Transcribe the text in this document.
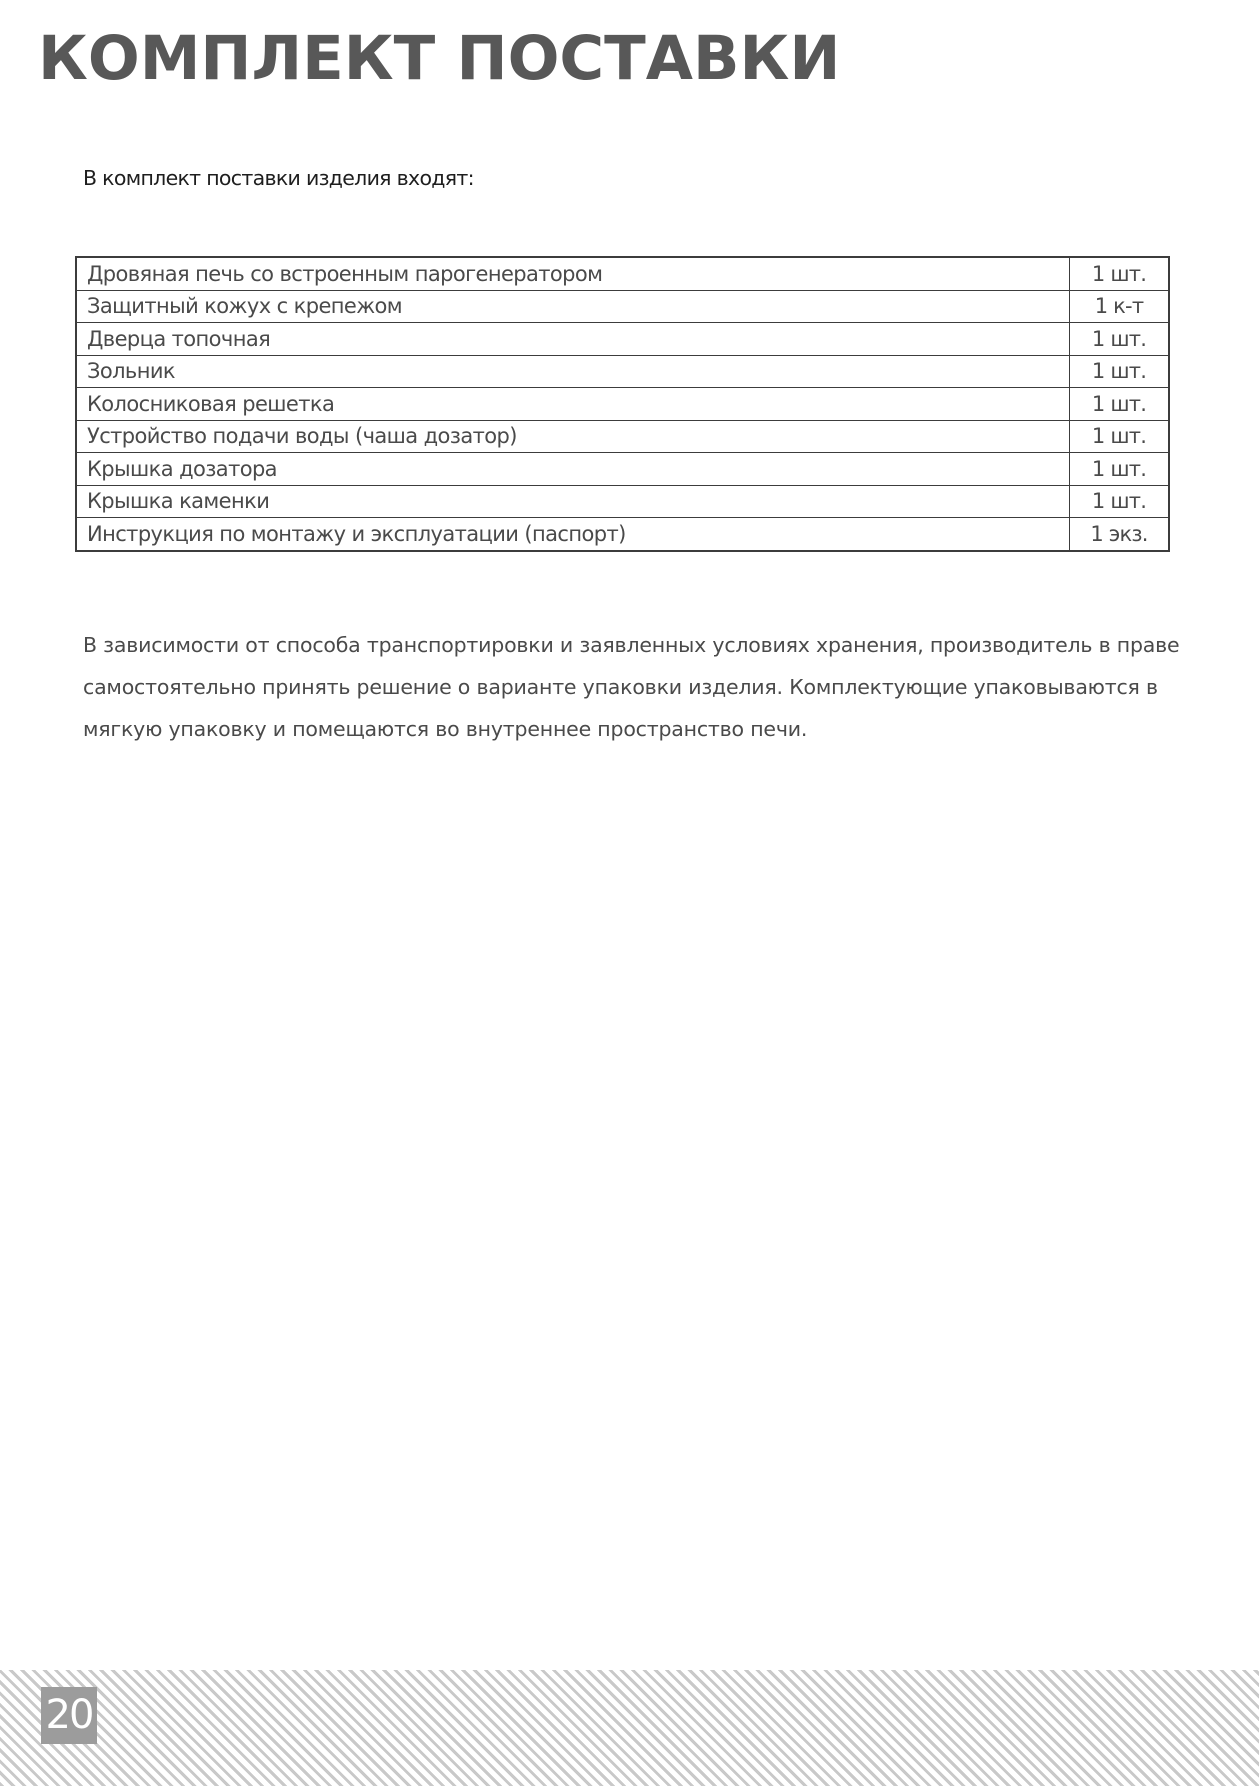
КОМПЛЕКТ ПОСТАВКИ

В комплект поставки изделия входят:

Дровяная печь со встроенным парогенератором	1 шт.
Защитный кожух с крепежом	1 к-т
Дверца топочная	1 шт.
Зольник	1 шт.
Колосниковая решетка	1 шт.
Устройство подачи воды (чаша дозатор)	1 шт.
Крышка дозатора	1 шт.
Крышка каменки	1 шт.
Инструкция по монтажу и эксплуатации (паспорт)	1 экз.

В зависимости от способа транспортировки и заявленных условиях хранения, производитель в праве самостоятельно принять решение о варианте упаковки изделия. Комплектующие упаковываются в мягкую упаковку и помещаются во внутреннее пространство печи.

20
